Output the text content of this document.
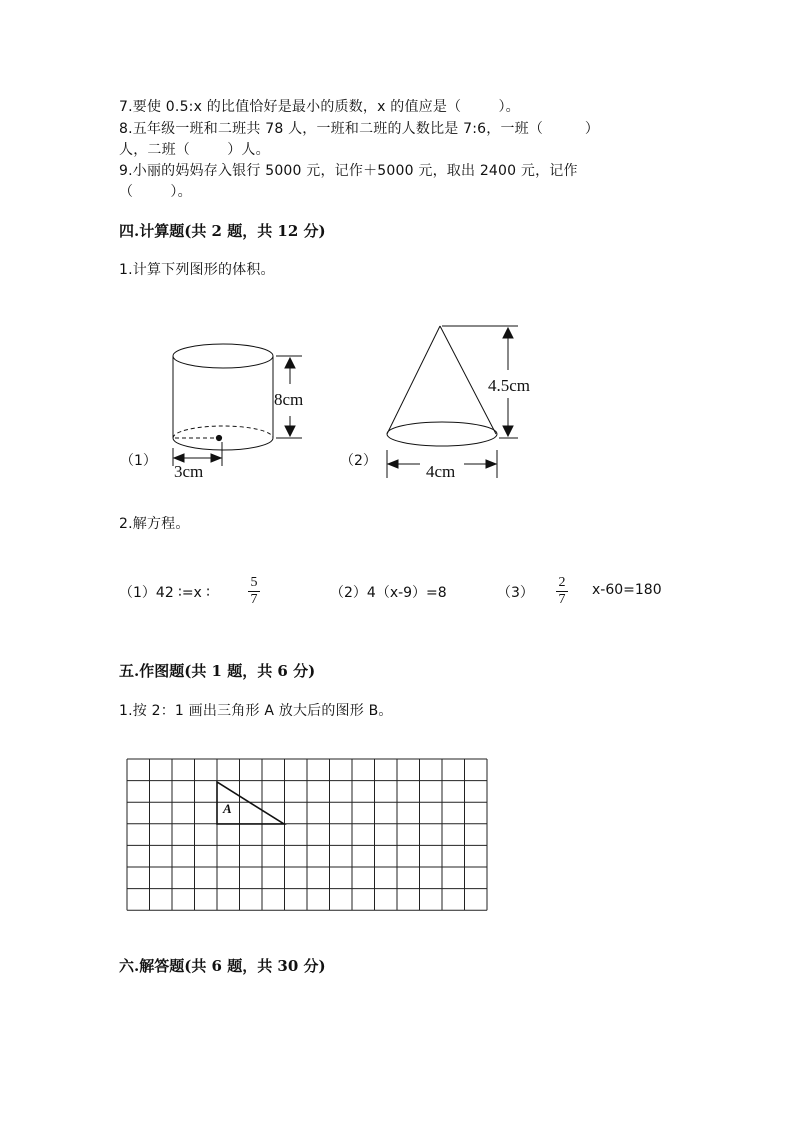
7.要使 0.5:x 的比值恰好是最小的质数，x 的值应是（        ）。
8.五年级一班和二班共 78 人，一班和二班的人数比是 7:6，一班（         ）
人，二班（        ）人。
9.小丽的妈妈存入银行 5000 元，记作＋5000 元，取出 2400 元，记作
（        ）。
四.计算题(共 2 题，共 12 分)
1.计算下列图形的体积。
8cm
3cm
（1）
4.5cm
4cm
（2）
2.解方程。
（1）42 ∶=x ∶
5
7	（2）4（x-9）=8	（3）
2
7
x-60=180
五.作图题(共 1 题，共 6 分)
1.按 2：1 画出三角形 A 放大后的图形 B。
A
六.解答题(共 6 题，共 30 分)
